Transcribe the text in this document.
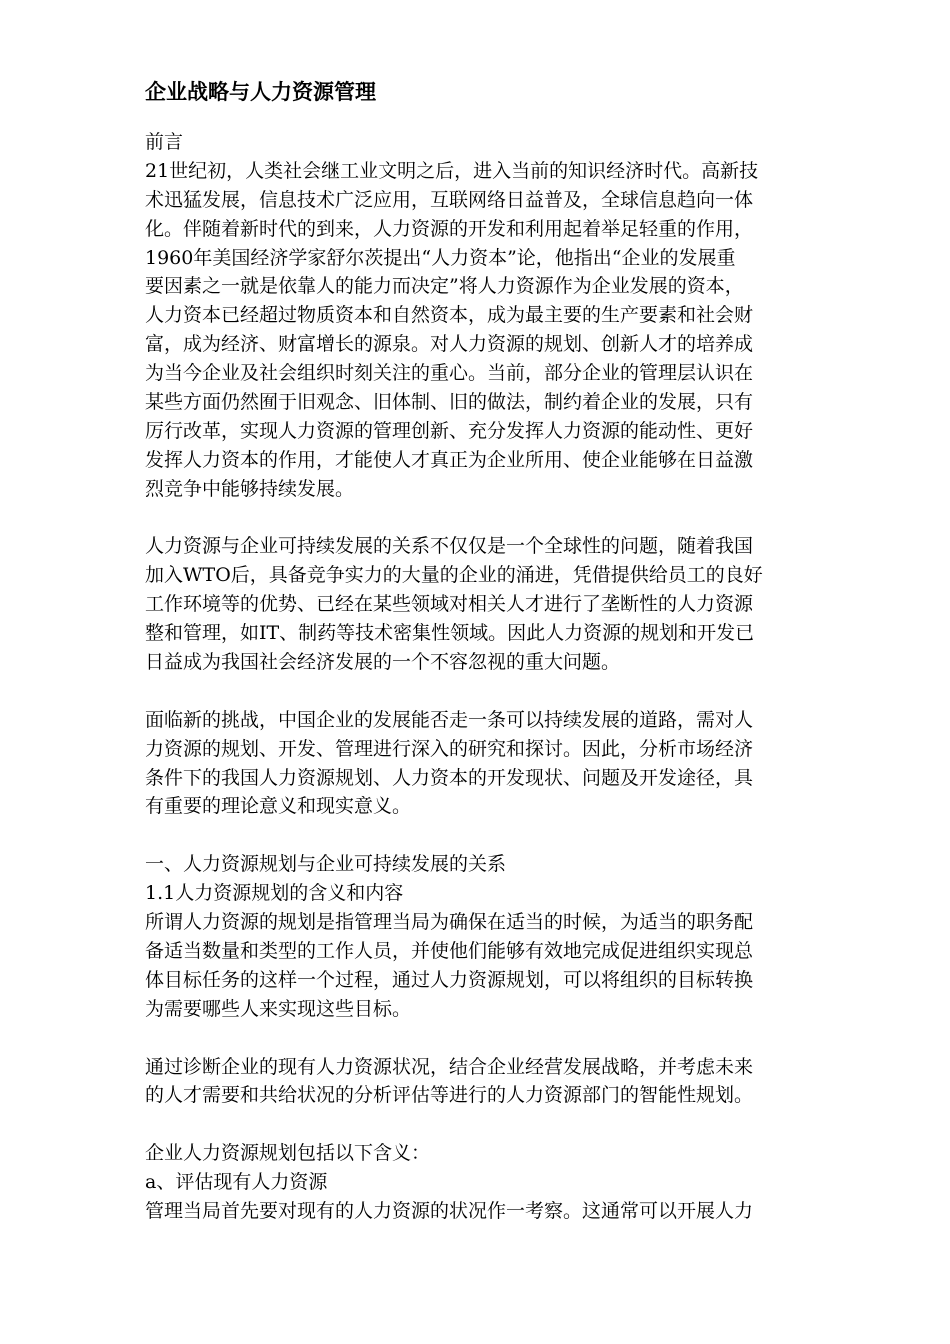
企业战略与人力资源管理
前言
21世纪初，人类社会继工业文明之后，进入当前的知识经济时代。高新技
术迅猛发展，信息技术广泛应用，互联网络日益普及，全球信息趋向一体
化。伴随着新时代的到来，人力资源的开发和利用起着举足轻重的作用，
1960年美国经济学家舒尔茨提出“人力资本”论，他指出“企业的发展重
要因素之一就是依靠人的能力而决定”将人力资源作为企业发展的资本，
人力资本已经超过物质资本和自然资本，成为最主要的生产要素和社会财
富，成为经济、财富增长的源泉。对人力资源的规划、创新人才的培养成
为当今企业及社会组织时刻关注的重心。当前，部分企业的管理层认识在
某些方面仍然囿于旧观念、旧体制、旧的做法，制约着企业的发展，只有
厉行改革，实现人力资源的管理创新、充分发挥人力资源的能动性、更好
发挥人力资本的作用，才能使人才真正为企业所用、使企业能够在日益激
烈竞争中能够持续发展。
人力资源与企业可持续发展的关系不仅仅是一个全球性的问题，随着我国
加入WTO后，具备竞争实力的大量的企业的涌进，凭借提供给员工的良好
工作环境等的优势、已经在某些领域对相关人才进行了垄断性的人力资源
整和管理，如IT、制药等技术密集性领域。因此人力资源的规划和开发已
日益成为我国社会经济发展的一个不容忽视的重大问题。
面临新的挑战，中国企业的发展能否走一条可以持续发展的道路，需对人
力资源的规划、开发、管理进行深入的研究和探讨。因此，分析市场经济
条件下的我国人力资源规划、人力资本的开发现状、问题及开发途径，具
有重要的理论意义和现实意义。
一、人力资源规划与企业可持续发展的关系
1.1人力资源规划的含义和内容
所谓人力资源的规划是指管理当局为确保在适当的时候，为适当的职务配
备适当数量和类型的工作人员，并使他们能够有效地完成促进组织实现总
体目标任务的这样一个过程，通过人力资源规划，可以将组织的目标转换
为需要哪些人来实现这些目标。
通过诊断企业的现有人力资源状况，结合企业经营发展战略，并考虑未来
的人才需要和共给状况的分析评估等进行的人力资源部门的智能性规划。
企业人力资源规划包括以下含义：
a、评估现有人力资源
管理当局首先要对现有的人力资源的状况作一考察。这通常可以开展人力
